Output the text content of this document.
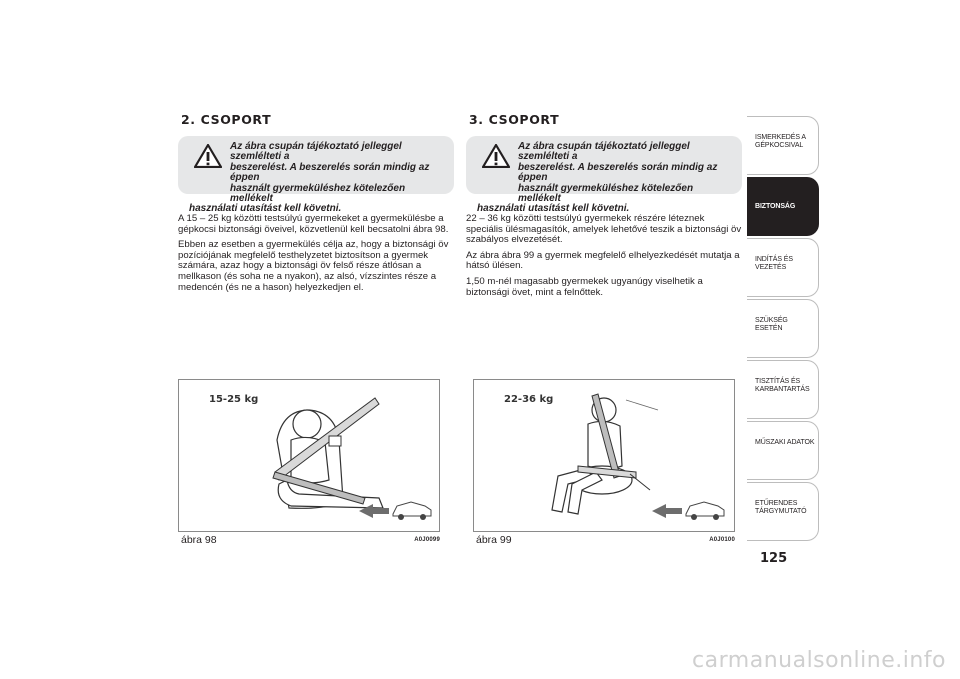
2. CSOPORT
Az ábra csupán tájékoztató jelleggel szemlélteti a
beszerelést. A beszerelés során mindig az éppen
használt gyermeküléshez kötelezően mellékelt
használati utasítást kell követni.

A 15 – 25 kg közötti testsúlyú gyermekeket a gyermekülésbe a gépkocsi biztonsági öveivel, közvetlenül kell becsatolni ábra 98.

Ebben az esetben a gyermekülés célja az, hogy a biztonsági öv pozíciójának megfelelő testhelyzetet biztosítson a gyermek számára, azaz hogy a biztonsági öv felső része átlósan a mellkason (és soha ne a nyakon), az alsó, vízszintes része a medencén (és ne a hason) helyezkedjen el.

15-25 kg
ábra 98	A0J0099
3. CSOPORT
Az ábra csupán tájékoztató jelleggel szemlélteti a
beszerelést. A beszerelés során mindig az éppen
használt gyermeküléshez kötelezően mellékelt
használati utasítást kell követni.

22 – 36 kg közötti testsúlyú gyermekek részére léteznek speciális ülésmagasítók, amelyek lehetővé teszik a biztonsági öv szabályos elvezetését.

Az ábra ábra 99 a gyermek megfelelő elhelyezkedését mutatja a hátsó ülésen.

1,50 m-nél magasabb gyermekek ugyanúgy viselhetik a biztonsági övet, mint a felnőttek.

22-36 kg
ábra 99	A0J0100
ISMERKEDÉS A
GÉPKOCSIVAL
BIZTONSÁG
INDÍTÁS ÉS VEZETÉS
SZÜKSÉG ESETÉN
TISZTÍTÁS ÉS
KARBANTARTÁS
MŰSZAKI ADATOK
ETŰRENDES
TÁRGYMUTATÓ
125
carmanualsonline.info
